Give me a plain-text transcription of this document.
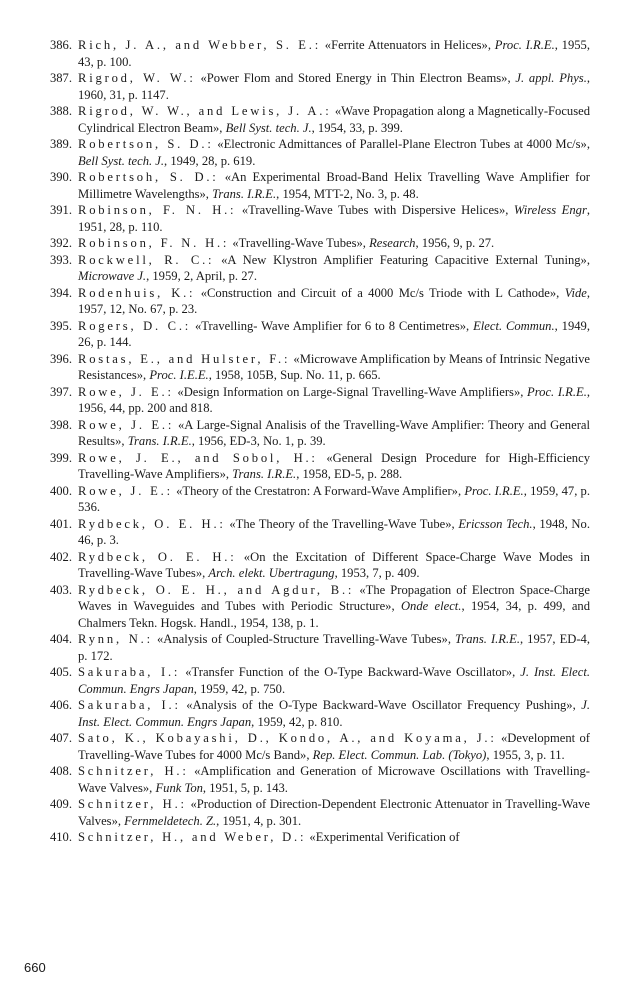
386. Rich, J. A., and Webber, S. E.: «Ferrite Attenuators in Helices», Proc. I.R.E., 1955, 43, p. 100.
387. Rigrod, W. W.: «Power Flom and Stored Energy in Thin Electron Beams», J. appl. Phys., 1960, 31, p. 1147.
388. Rigrod, W. W., and Lewis, J. A.: «Wave Propagation along a Magnetically-Focused Cylindrical Electron Beam», Bell Syst. tech. J., 1954, 33, p. 399.
389. Robertson, S. D.: «Electronic Admittances of Parallel-Plane Electron Tubes at 4000 Mc/s», Bell Syst. tech. J., 1949, 28, p. 619.
390. Robertsoh, S. D.: «An Experimental Broad-Band Helix Travelling Wave Amplifier for Millimetre Wavelengths», Trans. I.R.E., 1954, MTT-2, No. 3, p. 48.
391. Robinson, F. N. H.: «Travelling-Wave Tubes with Dispersive Helices», Wireless Engr, 1951, 28, p. 110.
392. Robinson, F. N. H.: «Travelling-Wave Tubes», Research, 1956, 9, p. 27.
393. Rockwell, R. C.: «A New Klystron Amplifier Featuring Capacitive External Tuning», Microwave J., 1959, 2, April, p. 27.
394. Rodenhuis, K.: «Construction and Circuit of a 4000 Mc/s Triode with L Cathode», Vide, 1957, 12, No. 67, p. 23.
395. Rogers, D. C.: «Travelling- Wave Amplifier for 6 to 8 Centimetres», Elect. Commun., 1949, 26, p. 144.
396. Rostas, E., and Hulster, F.: «Microwave Amplification by Means of Intrinsic Negative Resistances», Proc. I.E.E., 1958, 105B, Sup. No. 11, p. 665.
397. Rowe, J. E.: «Design Information on Large-Signal Travelling-Wave Amplifiers», Proc. I.R.E., 1956, 44, pp. 200 and 818.
398. Rowe, J. E.: «A Large-Signal Analisis of the Travelling-Wave Amplifier: Theory and General Results», Trans. I.R.E., 1956, ED-3, No. 1, p. 39.
399. Rowe, J. E., and Sobol, H.: «General Design Procedure for High-Efficiency Travelling-Wave Amplifiers», Trans. I.R.E., 1958, ED-5, p. 288.
400. Rowe, J. E.: «Theory of the Crestatron: A Forward-Wave Amplifier», Proc. I.R.E., 1959, 47, p. 536.
401. Rydbeck, O. E. H.: «The Theory of the Travelling-Wave Tube», Ericsson Tech., 1948, No. 46, p. 3.
402. Rydbeck, O. E. H.: «On the Excitation of Different Space-Charge Wave Modes in Travelling-Wave Tubes», Arch. elekt. Ubertragung, 1953, 7, p. 409.
403. Rydbeck, O. E. H., and Agdur, B.: «The Propagation of Electron Space-Charge Waves in Waveguides and Tubes with Periodic Structure», Onde elect., 1954, 34, p. 499, and Chalmers Tekn. Hogsk. Handl., 1954, 138, p. 1.
404. Rynn, N.: «Analysis of Coupled-Structure Travelling-Wave Tubes», Trans. I.R.E., 1957, ED-4, p. 172.
405. Sakuraba, I.: «Transfer Function of the O-Type Backward-Wave Oscillator», J. Inst. Elect. Commun. Engrs Japan, 1959, 42, p. 750.
406. Sakuraba, I.: «Analysis of the O-Type Backward-Wave Oscillator Frequency Pushing», J. Inst. Elect. Commun. Engrs Japan, 1959, 42, p. 810.
407. Sato, K., Kobayashi, D., Kondo, A., and Koyama, J.: «Development of Travelling-Wave Tubes for 4000 Mc/s Band», Rep. Elect. Commun. Lab. (Tokyo), 1955, 3, p. 11.
408. Schnitzer, H.: «Amplification and Generation of Microwave Oscillations with Travelling-Wave Valves», Funk Ton, 1951, 5, p. 143.
409. Schnitzer, H.: «Production of Direction-Dependent Electronic Attenuator in Travelling-Wave Valves», Fernmeldetech. Z., 1951, 4, p. 301.
410. Schnitzer, H., and Weber, D.: «Experimental Verification of
660
